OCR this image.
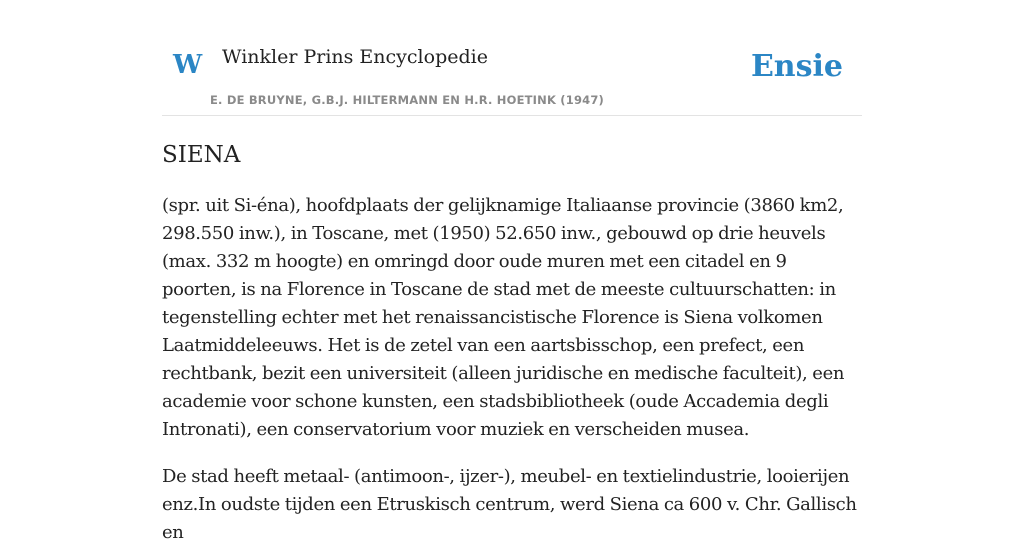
W Winkler Prins Encyclopedie
E. DE BRUYNE, G.B.J. HILTERMANN EN H.R. HOETINK (1947)
Ensie
SIENA

(spr. uit Si-éna), hoofdplaats der gelijknamige Italiaanse provincie (3860 km2, 298.550 inw.), in Toscane, met (1950) 52.650 inw., gebouwd op drie heuvels (max. 332 m hoogte) en omringd door oude muren met een citadel en 9 poorten, is na Florence in Toscane de stad met de meeste cultuurschatten: in tegenstelling echter met het renaissancistische Florence is Siena volkomen Laatmiddeleeuws. Het is de zetel van een aartsbisschop, een prefect, een rechtbank, bezit een universiteit (alleen juridische en medische faculteit), een academie voor schone kunsten, een stadsbibliotheek (oude Accademia degli Intronati), een conservatorium voor muziek en verscheiden musea.

De stad heeft metaal- (antimoon-, ijzer-), meubel- en textielindustrie, looierijen enz.In oudste tijden een Etruskisch centrum, werd Siena ca 600 v. Chr. Gallisch en
